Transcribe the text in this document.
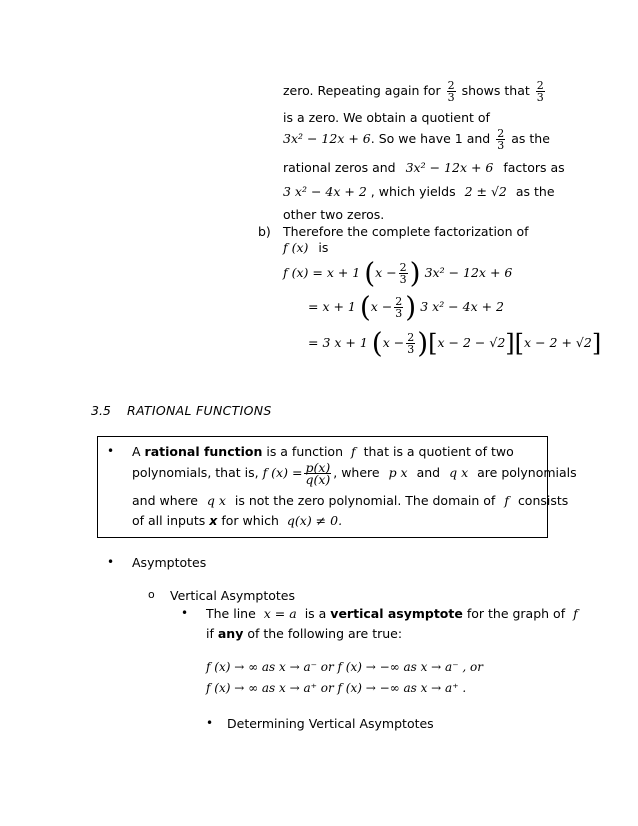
zero. Repeating again for $\frac{2}{3}$ shows that $\frac{2}{3}$
is a zero. We obtain a quotient of
3x² − 12x + 6. So we have 1 and $\frac{2}{3}$ as the
rational zeros and 3x² − 12x + 6 factors as
3 x² − 4x + 2 , which yields 2 ± √2 as the
other two zeros.
b) Therefore the complete factorization of
f (x) is
f (x) = x + 1 ($x - \frac{2}{3}$ ) 3x² − 12x + 6
= x + 1 ($x - \frac{2}{3}$ ) 3 x² − 4x + 2
= 3 x + 1 $(x - \frac{2}{3} )[x - 2 - √2][x - 2 + √2]$
3.5 RATIONAL FUNCTIONS
• A rational function is a function f that is a quotient of two
polynomials, that is, f $(x) = \frac{p(x)}{q(x)}$ , where p x and q x are polynomials
and where q x is not the zero polynomial. The domain of f consists
of all inputs x for which q(x) ≠ 0.
• Asymptotes
o Vertical Asymptotes
• The line x = a is a vertical asymptote for the graph of f
if any of the following are true:
f (x) → ∞ as x → a⁻ or f (x) → −∞ as x → a⁻ , or
f (x) → ∞ as x → a⁺ or f (x) → −∞ as x → a⁺ .
• Determining Vertical Asymptotes
